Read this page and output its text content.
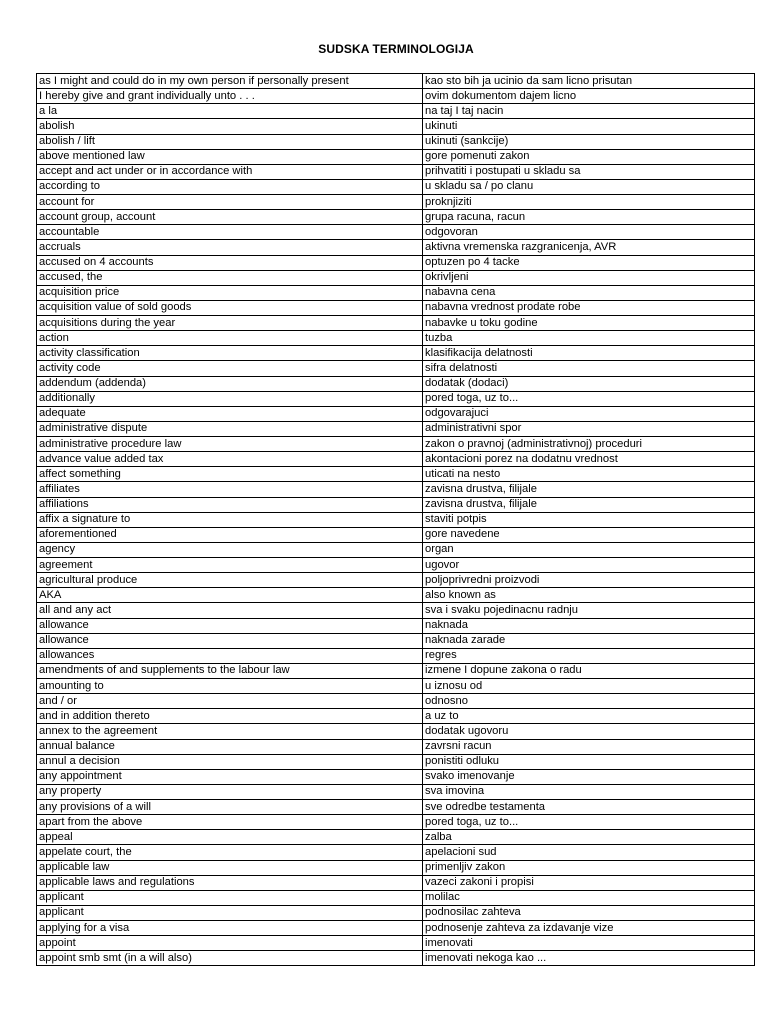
SUDSKA TERMINOLOGIJA
as I might and could do in my own person if personally present	kao sto bih ja ucinio da sam licno prisutan
I hereby give and grant individually unto . . .	ovim dokumentom dajem licno
a la	na taj I taj nacin
abolish	ukinuti
abolish / lift	ukinuti (sankcije)
above mentioned law	gore pomenuti zakon
accept and act under or in accordance with	prihvatiti i postupati u skladu sa
according to	u skladu sa / po clanu
account for	proknjiziti
account group, account	grupa racuna, racun
accountable	odgovoran
accruals	aktivna vremenska razgranicenja, AVR
accused on 4 accounts	optuzen po 4 tacke
accused, the	okrivljeni
acquisition price	nabavna cena
acquisition value of sold goods	nabavna vrednost prodate robe
acquisitions during the year	nabavke u toku godine
action	tuzba
activity classification	klasifikacija delatnosti
activity code	sifra delatnosti
addendum (addenda)	dodatak (dodaci)
additionally	pored toga, uz to...
adequate	odgovarajuci
administrative dispute	administrativni spor
administrative procedure law	zakon o pravnoj (administrativnoj) proceduri
advance value added tax	akontacioni porez na dodatnu vrednost
affect something	uticati na nesto
affiliates	zavisna drustva, filijale
affiliations	zavisna drustva, filijale
affix a signature to	staviti potpis
aforementioned	gore navedene
agency	organ
agreement	ugovor
agricultural produce	poljoprivredni proizvodi
AKA	also known as
all and any act	sva i svaku pojedinacnu radnju
allowance	naknada
allowance	naknada zarade
allowances	regres
amendments of and supplements to the labour law	izmene I dopune zakona o radu
amounting to	u iznosu od
and / or	odnosno
and in addition thereto	a uz to
annex to the agreement	dodatak ugovoru
annual balance	zavrsni racun
annul a decision	ponistiti odluku
any appointment	svako imenovanje
any property	sva imovina
any provisions of a will	sve odredbe testamenta
apart from the above	pored toga, uz to...
appeal	zalba
appelate court, the	apelacioni sud
applicable law	primenljiv zakon
applicable laws and regulations	vazeci zakoni i propisi
applicant	molilac
applicant	podnosilac zahteva
applying for a visa	podnosenje zahteva za izdavanje vize
appoint	imenovati
appoint smb smt (in a will also)	imenovati nekoga kao ...
